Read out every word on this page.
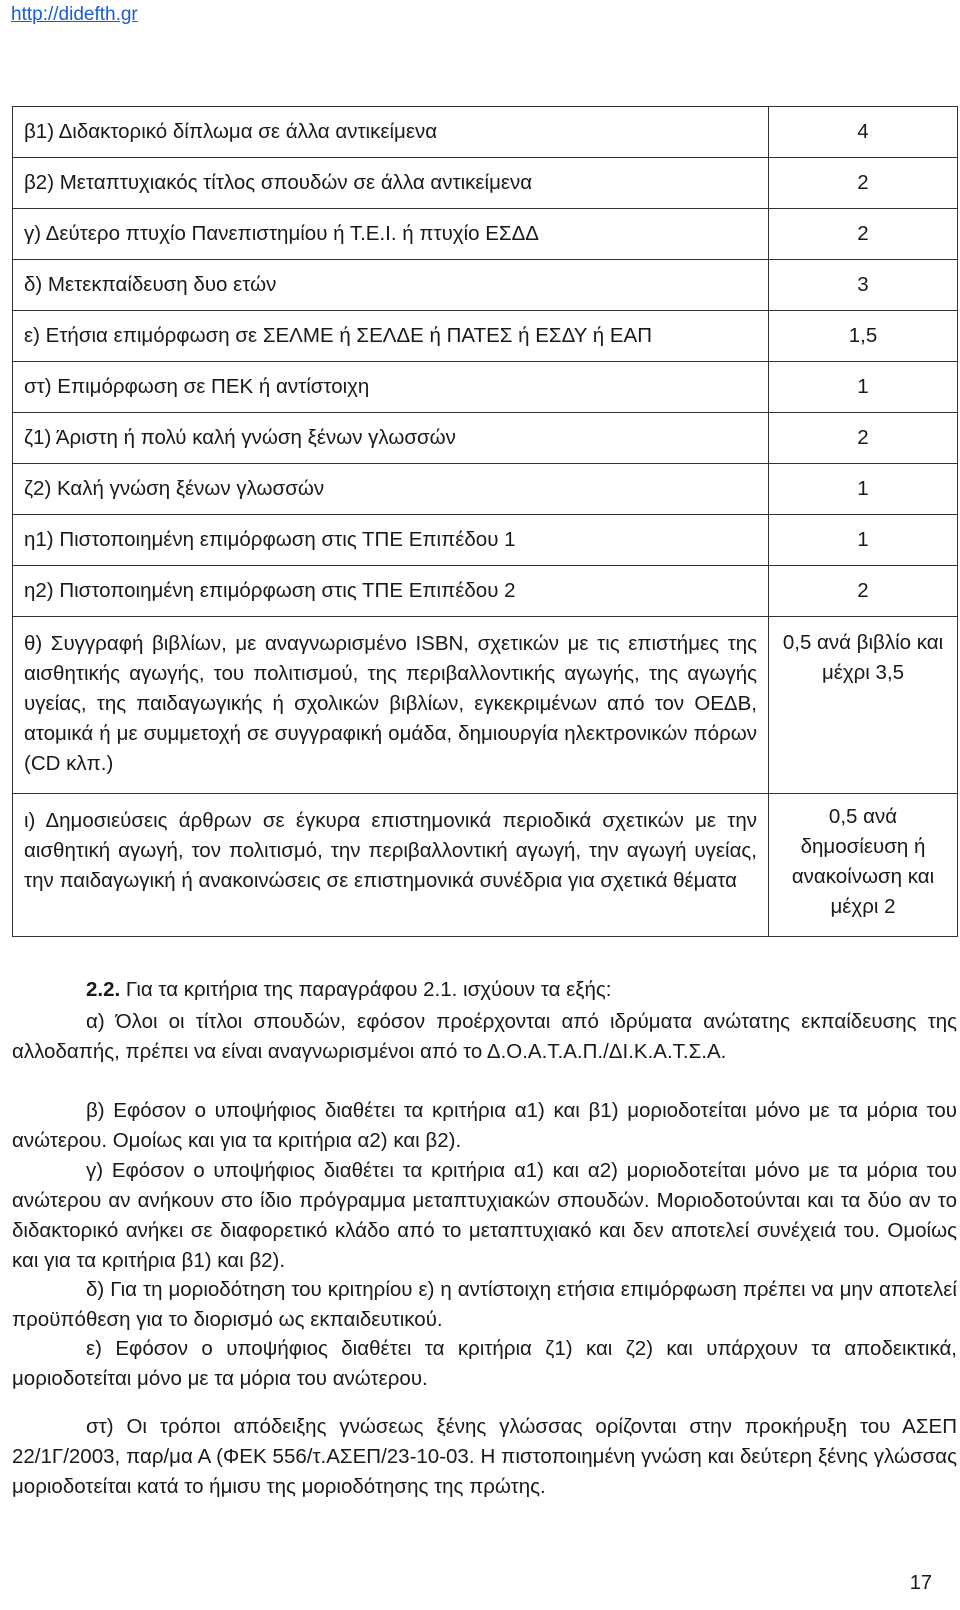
http://didefth.gr
β1) Διδακτορικό δίπλωμα σε άλλα αντικείμενα	4
β2) Μεταπτυχιακός τίτλος σπουδών σε άλλα αντικείμενα	2
γ) Δεύτερο πτυχίο Πανεπιστημίου ή Τ.Ε.Ι. ή πτυχίο ΕΣΔΔ	2
δ) Μετεκπαίδευση δυο ετών	3
ε) Ετήσια επιμόρφωση σε ΣΕΛΜΕ ή ΣΕΛΔΕ ή ΠΑΤΕΣ ή ΕΣΔΥ ή ΕΑΠ	1,5
στ) Επιμόρφωση σε ΠΕΚ ή αντίστοιχη	1
ζ1) Άριστη ή πολύ καλή γνώση ξένων γλωσσών	2
ζ2) Καλή γνώση ξένων γλωσσών	1
η1) Πιστοποιημένη επιμόρφωση στις ΤΠΕ Επιπέδου 1	1
η2) Πιστοποιημένη επιμόρφωση στις ΤΠΕ Επιπέδου 2	2
θ) Συγγραφή βιβλίων, με αναγνωρισμένο ISBN, σχετικών με τις επιστήμες της αισθητικής αγωγής, του πολιτισμού, της περιβαλλοντικής αγωγής, της αγωγής υγείας, της παιδαγωγικής ή σχολικών βιβλίων, εγκεκριμένων από τον ΟΕΔΒ, ατομικά ή με συμμετοχή σε συγγραφική ομάδα, δημιουργία ηλεκτρονικών πόρων (CD κλπ.)	0,5 ανά βιβλίο και μέχρι 3,5
ι) Δημοσιεύσεις άρθρων σε έγκυρα επιστημονικά περιοδικά σχετικών με την αισθητική αγωγή, τον πολιτισμό, την περιβαλλοντική αγωγή, την αγωγή υγείας, την παιδαγωγική ή ανακοινώσεις σε επιστημονικά συνέδρια για σχετικά θέματα	0,5 ανά δημοσίευση ή ανακοίνωση και μέχρι 2
2.2. Για τα κριτήρια της παραγράφου 2.1. ισχύουν τα εξής:
α) Όλοι οι τίτλοι σπουδών, εφόσον προέρχονται από ιδρύματα ανώτατης εκπαίδευσης της αλλοδαπής, πρέπει να είναι αναγνωρισμένοι από το Δ.Ο.Α.Τ.Α.Π./ΔΙ.Κ.Α.Τ.Σ.Α.
β) Εφόσον ο υποψήφιος διαθέτει τα κριτήρια α1) και β1) μοριοδοτείται μόνο με τα μόρια του ανώτερου. Ομοίως και για τα κριτήρια α2) και β2).
γ) Εφόσον ο υποψήφιος διαθέτει τα κριτήρια α1) και α2) μοριοδοτείται μόνο με τα μόρια του ανώτερου αν ανήκουν στο ίδιο πρόγραμμα μεταπτυχιακών σπουδών. Μοριοδοτούνται και τα δύο αν το διδακτορικό ανήκει σε διαφορετικό κλάδο από το μεταπτυχιακό και δεν αποτελεί συνέχειά του. Ομοίως και για τα κριτήρια β1) και β2).
δ) Για τη μοριοδότηση του κριτηρίου ε) η αντίστοιχη ετήσια επιμόρφωση πρέπει να μην αποτελεί προϋπόθεση για το διορισμό ως εκπαιδευτικού.
ε) Εφόσον ο υποψήφιος διαθέτει τα κριτήρια ζ1) και ζ2) και υπάρχουν τα αποδεικτικά, μοριοδοτείται μόνο με τα μόρια του ανώτερου.
στ) Οι τρόποι απόδειξης γνώσεως ξένης γλώσσας ορίζονται στην προκήρυξη του ΑΣΕΠ 22/1Γ/2003, παρ/μα Α (ΦΕΚ 556/τ.ΑΣΕΠ/23-10-03. Η πιστοποιημένη γνώση και δεύτερη ξένης γλώσσας μοριοδοτείται κατά το ήμισυ της μοριοδότησης της πρώτης.
17
